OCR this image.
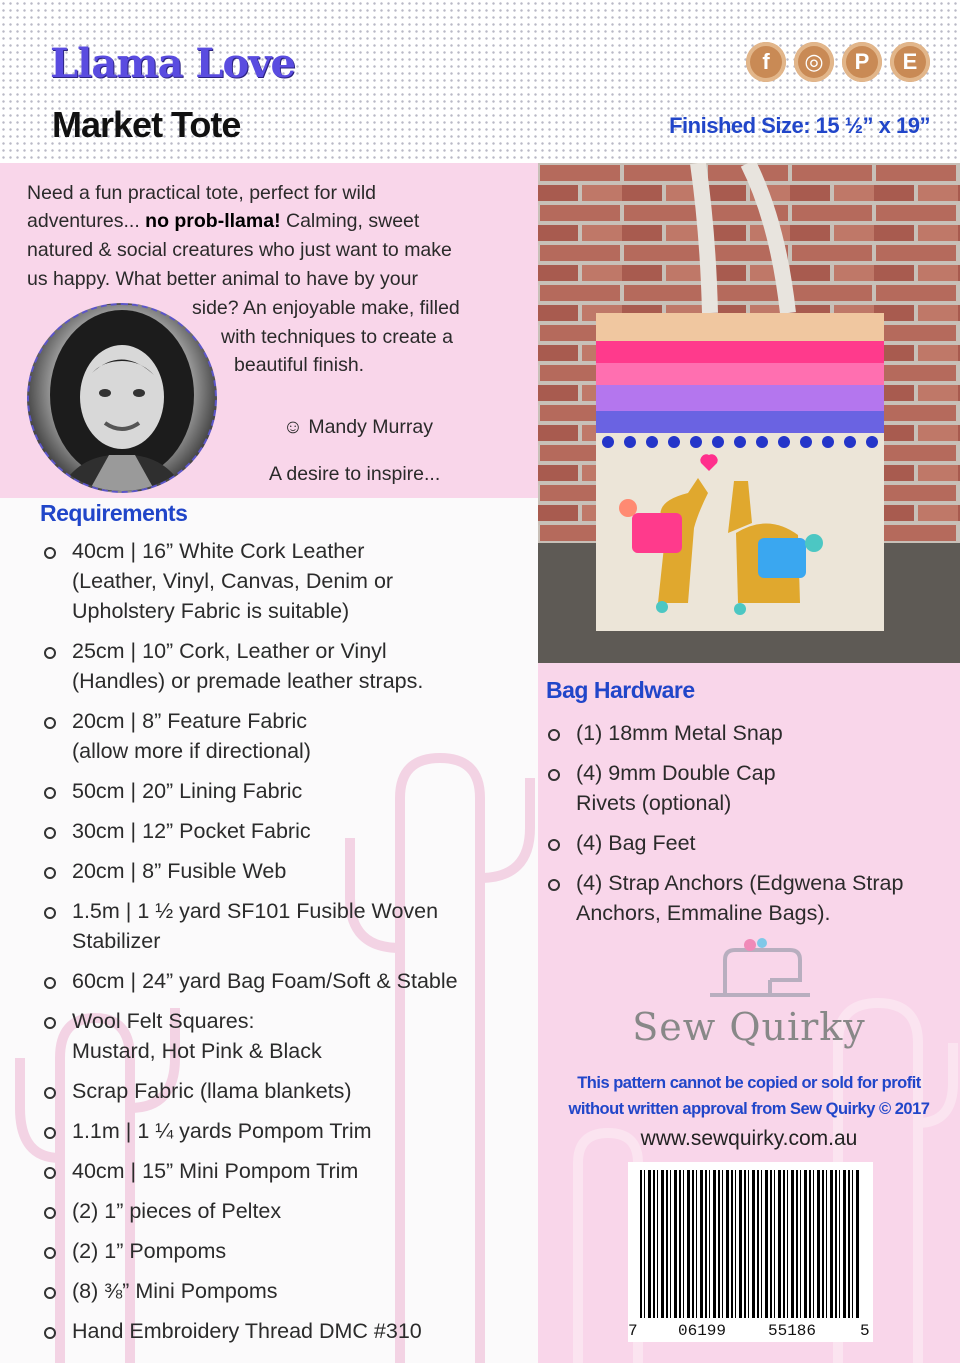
Llama Love
Market Tote	Finished Size: 15 ½” x 19”
f	◎	P	E
Need a fun practical tote, perfect for wild
adventures... no prob-llama! Calming, sweet
natured & social creatures who just want to make
us happy. What better animal to have by your
side? An enjoyable make, filled
with techniques to create a
beautiful finish.
☺ Mandy Murray
A desire to inspire...
Requirements
40cm | 16” White Cork Leather
(Leather, Vinyl, Canvas, Denim or
Upholstery Fabric is suitable)
25cm | 10” Cork, Leather or Vinyl
(Handles) or premade leather straps.
20cm | 8” Feature Fabric
(allow more if directional)
50cm | 20” Lining Fabric
30cm | 12” Pocket Fabric
20cm | 8” Fusible Web
1.5m | 1 ½ yard SF101 Fusible Woven
Stabilizer
60cm | 24” yard Bag Foam/Soft & Stable
Wool Felt Squares:
Mustard, Hot Pink & Black
Scrap Fabric (llama blankets)
1.1m | 1 ¼ yards Pompom Trim
40cm | 15” Mini Pompom Trim
(2) 1” pieces of Peltex
(2) 1” Pompoms
(8) ⅜” Mini Pompoms
Hand Embroidery Thread DMC #310
Bag Hardware
(1) 18mm Metal Snap
(4) 9mm Double Cap
Rivets (optional)
(4) Bag Feet
(4) Strap Anchors (Edgwena Strap
Anchors, Emmaline Bags).
Sew Quirky
This pattern cannot be copied or sold for profit
without written approval from Sew Quirky © 2017
www.sewquirky.com.au
7	06199	55186	5
